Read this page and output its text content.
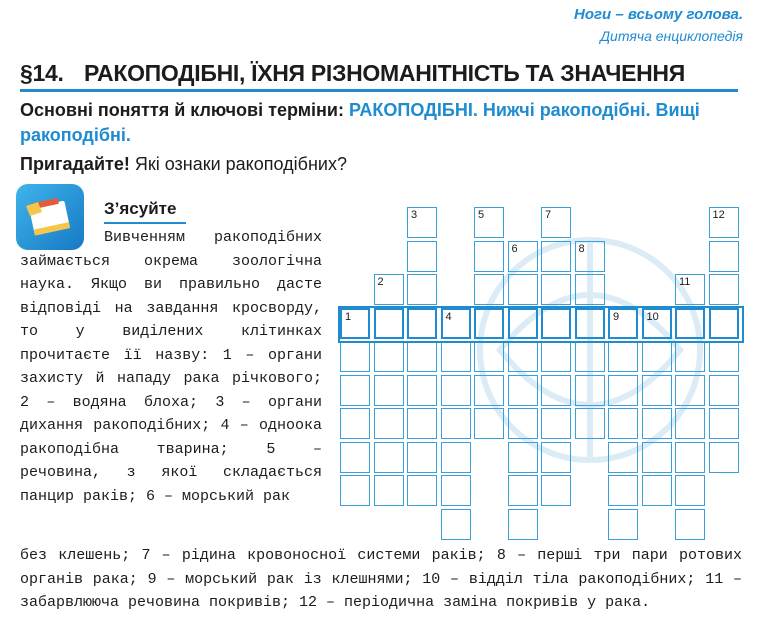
Ноги – всьому голова.
Дитяча енциклопедія
§14. РАКОПОДІБНІ, ЇХНЯ РІЗНОМАНІТНІСТЬ ТА ЗНАЧЕННЯ
Основні поняття й ключові терміни: РАКОПОДІБНІ. Нижчі ракоподібні. Вищі ракоподібні.
Пригадайте! Які ознаки ракоподібних?
З’ясуйте
Вивченням ракоподібних займається окрема зоологічна наука. Якщо ви правильно дасте відповіді на завдання кросворду, то у виділених клітинках прочитаєте її назву: 1 – органи захисту й нападу рака річкового; 2 – водяна блоха; 3 – органи дихання ракоподібних; 4 – одноока ракоподібна тварина; 5 – речовина, з якої складається панцир раків; 6 – морський рак
1
2
3
4
5
6
7
8
9 10
11
12
без клешень; 7 – рідина кровоносної системи раків; 8 – перші три пари ротових органів рака; 9 – морський рак із клешнями; 10 – відділ тіла ракоподібних; 11 – забарвлююча речовина покривів; 12 – періодична заміна покривів у рака.
